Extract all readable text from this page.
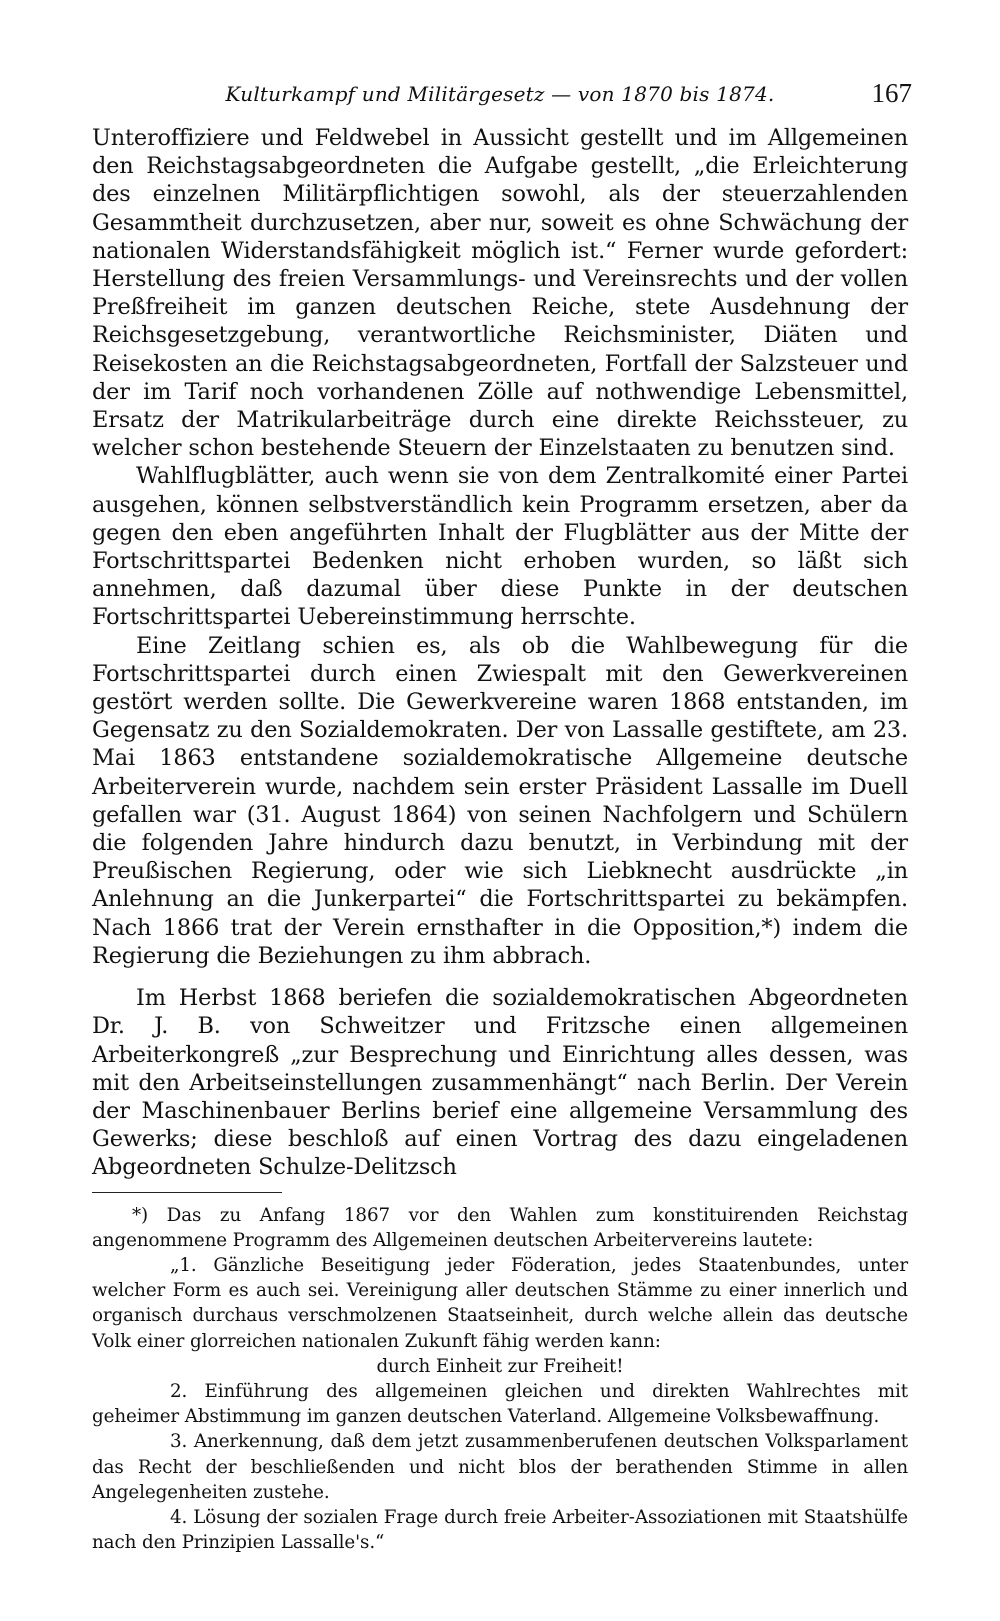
Kulturkampf und Militärgesetz — von 1870 bis 1874.	167

Unteroffiziere und Feldwebel in Aussicht gestellt und im Allgemeinen den Reichstagsabgeordneten die Aufgabe gestellt, „die Erleichterung des einzelnen Militärpflichtigen sowohl, als der steuerzahlenden Gesammtheit durchzusetzen, aber nur, soweit es ohne Schwächung der nationalen Widerstandsfähigkeit möglich ist.“ Ferner wurde gefordert: Herstellung des freien Versammlungs- und Vereinsrechts und der vollen Preßfreiheit im ganzen deutschen Reiche, stete Ausdehnung der Reichsgesetzgebung, verantwortliche Reichsminister, Diäten und Reisekosten an die Reichstagsabgeordneten, Fortfall der Salzsteuer und der im Tarif noch vorhandenen Zölle auf nothwendige Lebensmittel, Ersatz der Matrikularbeiträge durch eine direkte Reichssteuer, zu welcher schon bestehende Steuern der Einzelstaaten zu benutzen sind.

Wahlflugblätter, auch wenn sie von dem Zentralkomité einer Partei ausgehen, können selbstverständlich kein Programm ersetzen, aber da gegen den eben angeführten Inhalt der Flugblätter aus der Mitte der Fortschrittspartei Bedenken nicht erhoben wurden, so läßt sich annehmen, daß dazumal über diese Punkte in der deutschen Fortschrittspartei Uebereinstimmung herrschte.

Eine Zeitlang schien es, als ob die Wahlbewegung für die Fortschrittspartei durch einen Zwiespalt mit den Gewerkvereinen gestört werden sollte. Die Gewerkvereine waren 1868 entstanden, im Gegensatz zu den Sozialdemokraten. Der von Lassalle gestiftete, am 23. Mai 1863 entstandene sozialdemokratische Allgemeine deutsche Arbeiterverein wurde, nachdem sein erster Präsident Lassalle im Duell gefallen war (31. August 1864) von seinen Nachfolgern und Schülern die folgenden Jahre hindurch dazu benutzt, in Verbindung mit der Preußischen Regierung, oder wie sich Liebknecht ausdrückte „in Anlehnung an die Junkerpartei“ die Fortschrittspartei zu bekämpfen. Nach 1866 trat der Verein ernsthafter in die Opposition,*) indem die Regierung die Beziehungen zu ihm abbrach.

Im Herbst 1868 beriefen die sozialdemokratischen Abgeordneten Dr. J. B. von Schweitzer und Fritzsche einen allgemeinen Arbeiterkongreß „zur Besprechung und Einrichtung alles dessen, was mit den Arbeitseinstellungen zusammenhängt“ nach Berlin. Der Verein der Maschinenbauer Berlins berief eine allgemeine Versammlung des Gewerks; diese beschloß auf einen Vortrag des dazu eingeladenen Abgeordneten Schulze-Delitzsch

*) Das zu Anfang 1867 vor den Wahlen zum konstituirenden Reichstag angenommene Programm des Allgemeinen deutschen Arbeitervereins lautete:

„1. Gänzliche Beseitigung jeder Föderation, jedes Staatenbundes, unter welcher Form es auch sei. Vereinigung aller deutschen Stämme zu einer innerlich und organisch durchaus verschmolzenen Staatseinheit, durch welche allein das deutsche Volk einer glorreichen nationalen Zukunft fähig werden kann:

durch Einheit zur Freiheit!

2. Einführung des allgemeinen gleichen und direkten Wahlrechtes mit geheimer Abstimmung im ganzen deutschen Vaterland. Allgemeine Volksbewaffnung.

3. Anerkennung, daß dem jetzt zusammenberufenen deutschen Volksparlament das Recht der beschließenden und nicht blos der berathenden Stimme in allen Angelegenheiten zustehe.

4. Lösung der sozialen Frage durch freie Arbeiter-Assoziationen mit Staatshülfe nach den Prinzipien Lassalle's.“
